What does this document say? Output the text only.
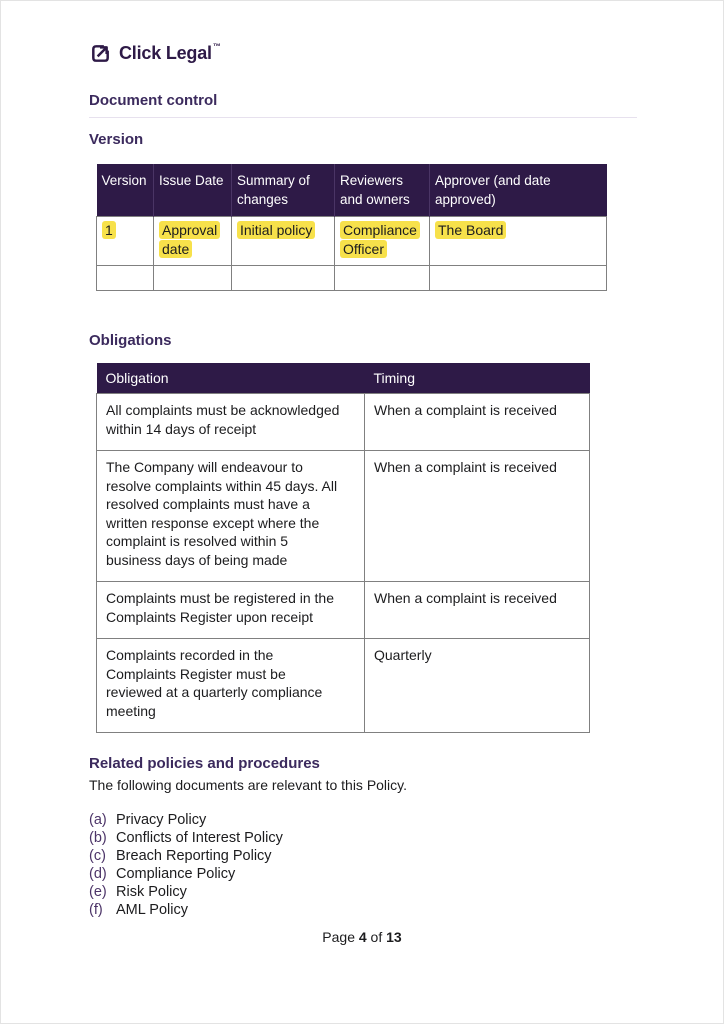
Click Legal ™
Document control
Version
Version	Issue Date	Summary of changes	Reviewers and owners	Approver (and date approved)
1	Approval date	Initial policy	Compliance Officer	The Board

Obligations
Obligation	Timing
All complaints must be acknowledged within 14 days of receipt	When a complaint is received
The Company will endeavour to resolve complaints within 45 days. All resolved complaints must have a written response except where the complaint is resolved within 5 business days of being made	When a complaint is received
Complaints must be registered in the Complaints Register upon receipt	When a complaint is received
Complaints recorded in the Complaints Register must be reviewed at a quarterly compliance meeting	Quarterly
Related policies and procedures

The following documents are relevant to this Policy.

(a) Privacy Policy
(b) Conflicts of Interest Policy
(c) Breach Reporting Policy
(d) Compliance Policy
(e) Risk Policy
(f) AML Policy
Page 4 of 13
